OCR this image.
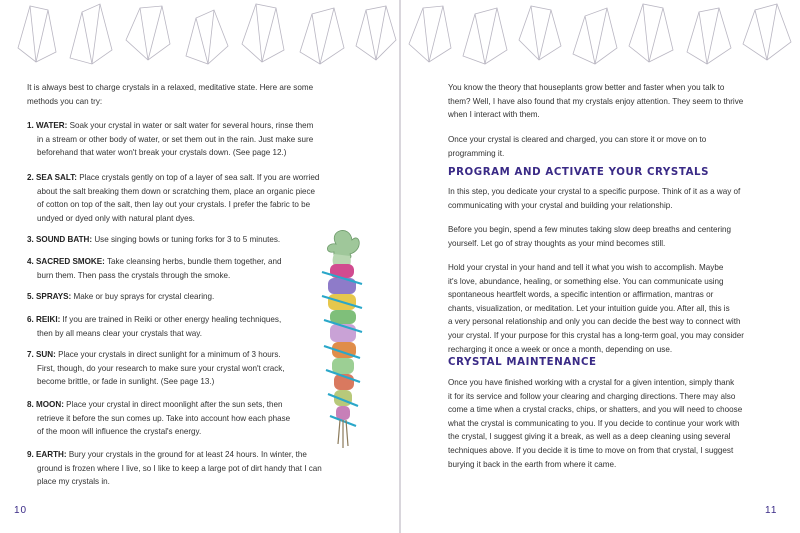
It is always best to charge crystals in a relaxed, meditative state. Here are some
methods you can try:
1. WATER: Soak your crystal in water or salt water for several hours, rinse them
in a stream or other body of water, or set them out in the rain. Just make sure
beforehand that water won't break your crystals down. (See page 12.)
2. SEA SALT: Place crystals gently on top of a layer of sea salt. If you are worried
about the salt breaking them down or scratching them, place an organic piece
of cotton on top of the salt, then lay out your crystals. I prefer the fabric to be
undyed or dyed only with natural plant dyes.
3. SOUND BATH: Use singing bowls or tuning forks for 3 to 5 minutes.
4. SACRED SMOKE: Take cleansing herbs, bundle them together, and
burn them. Then pass the crystals through the smoke.
5. SPRAYS: Make or buy sprays for crystal clearing.
6. REIKI: If you are trained in Reiki or other energy healing techniques,
then by all means clear your crystals that way.
7. SUN: Place your crystals in direct sunlight for a minimum of 3 hours.
First, though, do your research to make sure your crystal won't crack,
become brittle, or fade in sunlight. (See page 13.)
8. MOON: Place your crystal in direct moonlight after the sun sets, then
retrieve it before the sun comes up. Take into account how each phase
of the moon will influence the crystal's energy.
9. EARTH: Bury your crystals in the ground for at least 24 hours. In winter, the
ground is frozen where I live, so I like to keep a large pot of dirt handy that I can
place my crystals in.
10
You know the theory that houseplants grow better and faster when you talk to
them? Well, I have also found that my crystals enjoy attention. They seem to thrive
when I interact with them.
Once your crystal is cleared and charged, you can store it or move on to
programming it.
PROGRAM AND ACTIVATE YOUR CRYSTALS
In this step, you dedicate your crystal to a specific purpose. Think of it as a way of
communicating with your crystal and building your relationship.
Before you begin, spend a few minutes taking slow deep breaths and centering
yourself. Let go of stray thoughts as your mind becomes still.
Hold your crystal in your hand and tell it what you wish to accomplish. Maybe
it's love, abundance, healing, or something else. You can communicate using
spontaneous heartfelt words, a specific intention or affirmation, mantras or
chants, visualization, or meditation. Let your intuition guide you. After all, this is
a very personal relationship and only you can decide the best way to connect with
your crystal. If your purpose for this crystal has a long-term goal, you may consider
recharging it once a week or once a month, depending on use.
CRYSTAL MAINTENANCE
Once you have finished working with a crystal for a given intention, simply thank
it for its service and follow your clearing and charging directions. There may also
come a time when a crystal cracks, chips, or shatters, and you will need to choose
what the crystal is communicating to you. If you decide to continue your work with
the crystal, I suggest giving it a break, as well as a deep cleaning using several
techniques above. If you decide it is time to move on from that crystal, I suggest
burying it back in the earth from where it came.
11
